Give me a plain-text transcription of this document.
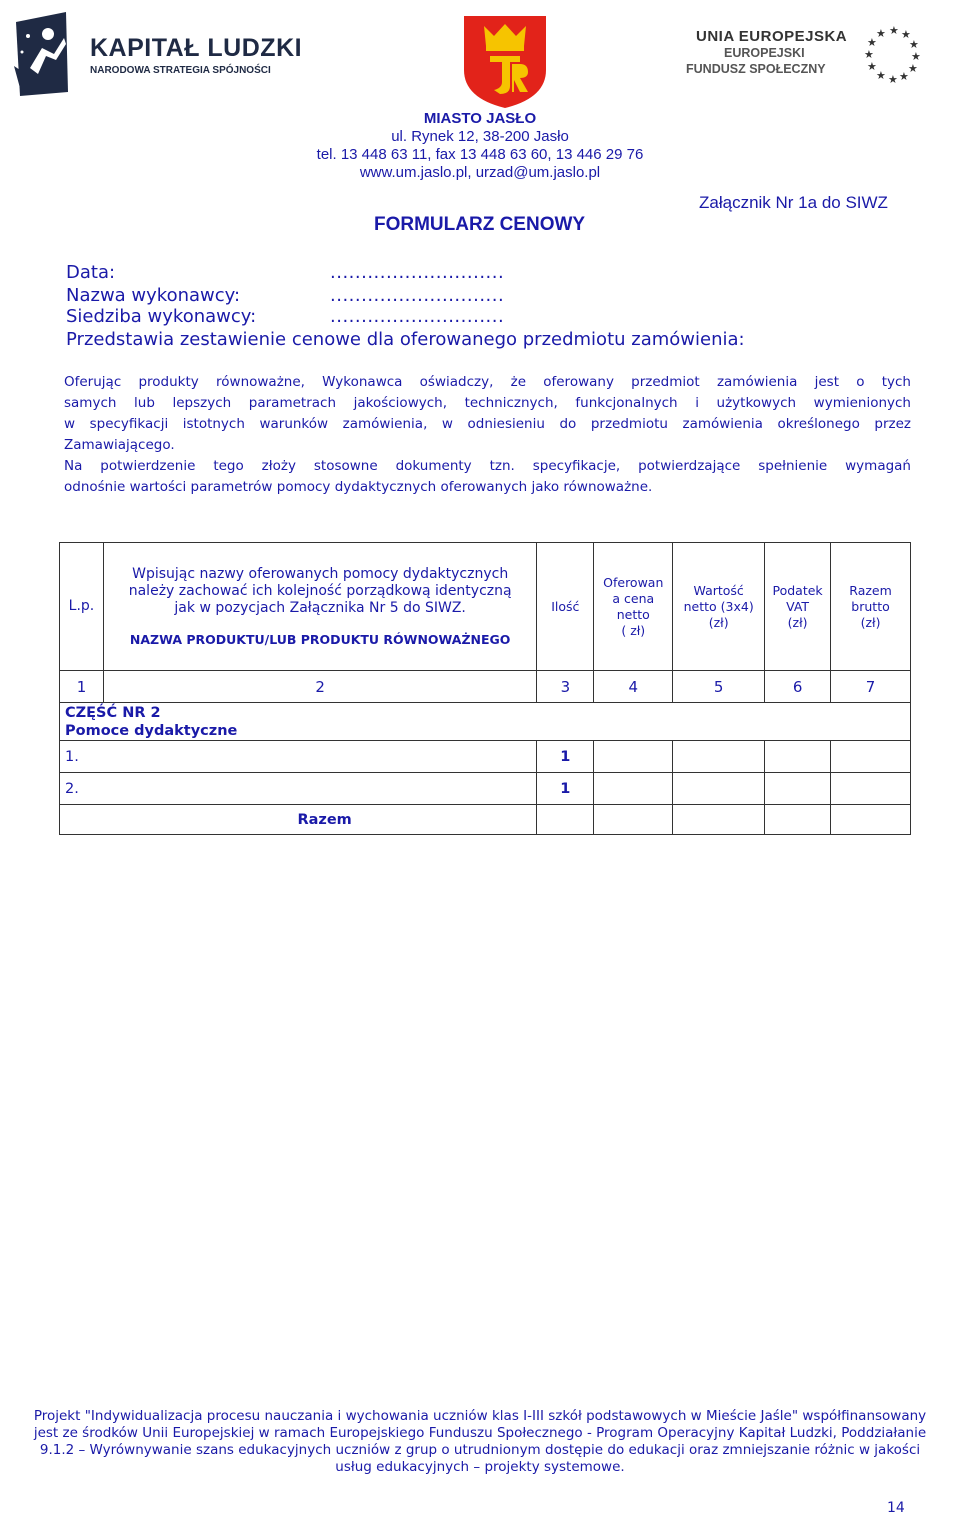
KAPITAŁ LUDZKI
NARODOWA STRATEGIA SPÓJNOŚCI
UNIA EUROPEJSKA
EUROPEJSKI
FUNDUSZ SPOŁECZNY
★ ★
★
★
★
★
★
★
★
★
★
★
MIASTO JASŁO
ul. Rynek 12, 38-200 Jasło
tel. 13 448 63 11, fax 13 448 63 60, 13 446 29 76
www.um.jaslo.pl, urzad@um.jaslo.pl
Załącznik Nr 1a do SIWZ
FORMULARZ CENOWY
Data:	............................
Nazwa wykonawcy:	............................
Siedziba wykonawcy:	............................
Przedstawia zestawienie cenowe dla oferowanego przedmiotu zamówienia:
Oferując produkty równoważne, Wykonawca oświadczy, że oferowany przedmiot zamówienia jest o tych
samych lub lepszych parametrach jakościowych, technicznych, funkcjonalnych i użytkowych wymienionych
w specyfikacji istotnych warunków zamówienia, w odniesieniu do przedmiotu zamówienia określonego przez
Zamawiającego.
Na potwierdzenie tego złoży stosowne dokumenty tzn. specyfikacje, potwierdzające spełnienie wymagań
odnośnie wartości parametrów pomocy dydaktycznych oferowanych jako równoważne.
L.p.	Wpisując nazwy oferowanych pomocy dydaktycznych
należy zachować ich kolejność porządkową identyczną
jak w pozycjach Załącznika Nr 5 do SIWZ.
NAZWA PRODUKTU/LUB PRODUKTU RÓWNOWAŻNEGO	Ilość	Oferowan
a cena
netto
( zł)	Wartość
netto (3x4)
(zł)	Podatek
VAT
(zł)	Razem
brutto
(zł)

1	2	3	4	5	6	7

CZĘŚĆ NR 2
Pomoce dydaktyczne						

1.		1				
2.		1				
	Razem					
Projekt "Indywidualizacja procesu nauczania i wychowania uczniów klas I-III szkół podstawowych w Mieście Jaśle" współfinansowany
jest ze środków Unii Europejskiej w ramach Europejskiego Funduszu Społecznego - Program Operacyjny Kapitał Ludzki, Poddziałanie
9.1.2 – Wyrównywanie szans edukacyjnych uczniów z grup o utrudnionym dostępie do edukacji oraz zmniejszanie różnic w jakości
usług edukacyjnych – projekty systemowe.
14
